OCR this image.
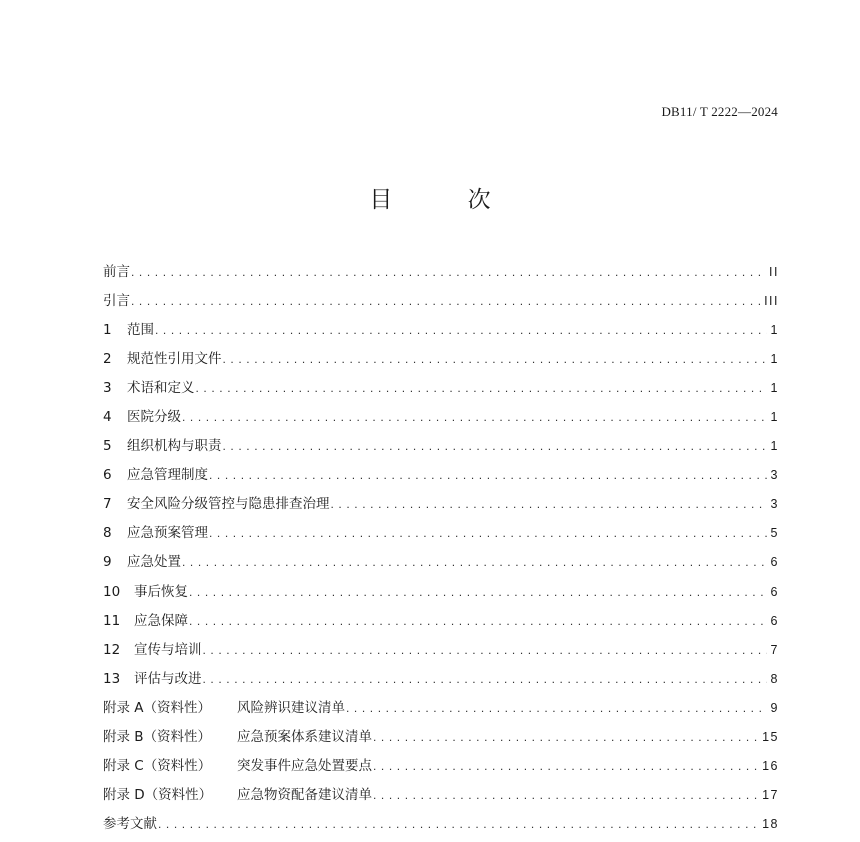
DB11/ T 2222—2024
目 次
前言 .....	II
引言 .....	III
1	范围 .....	1
2	规范性引用文件 .....	1
3	术语和定义 .....	1
4	医院分级 .....	1
5	组织机构与职责 .....	1
6	应急管理制度 .....	3
7	安全风险分级管控与隐患排查治理 .....	3
8	应急预案管理 .....	5
9	应急处置 .....	6
10	事后恢复 .....	6
11	应急保障 .....	6
12	宣传与培训 .....	7
13	评估与改进 .....	8
附录 A（资料性）	风险辨识建议清单 .....	9
附录 B（资料性）	应急预案体系建议清单 .....	15
附录 C（资料性）	突发事件应急处置要点 .....	16
附录 D（资料性）	应急物资配备建议清单 .....	17
参考文献 .....	18
